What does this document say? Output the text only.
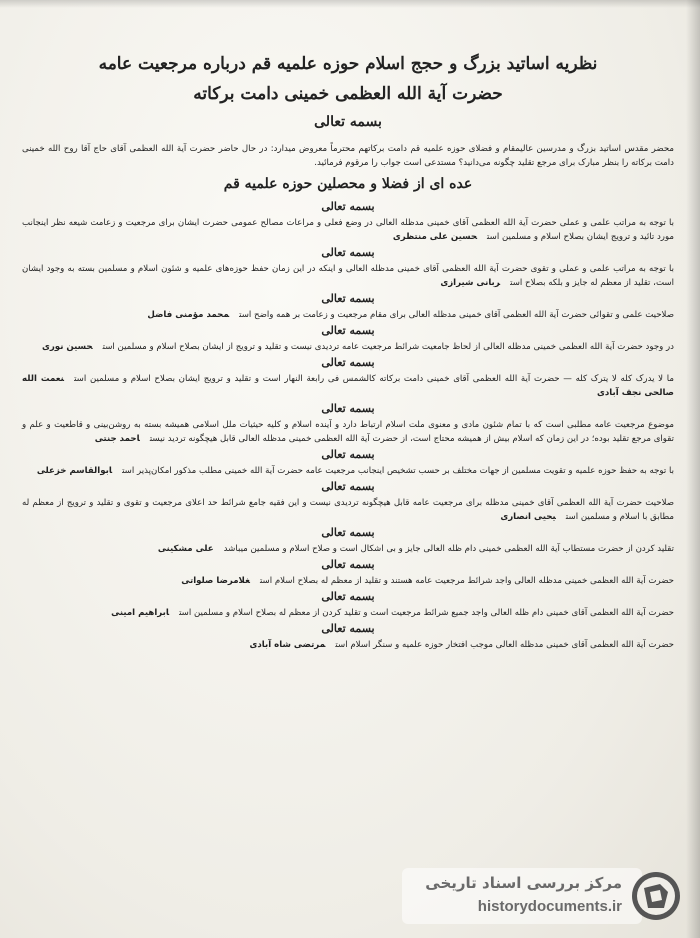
نظریه اساتید بزرگ و حجج اسلام حوزه علمیه قم درباره مرجعیت عامه
حضرت آیة الله العظمی خمینی دامت برکاته
بسمه تعالی
محضر مقدس اساتید بزرگ و مدرسین عالیمقام و فضلای حوزه علمیه قم دامت برکاتهم محترماً معروض میدارد: در حال حاضر حضرت آیة الله العظمی آقای حاج آقا روح الله خمینی دامت برکاته را بنظر مبارک برای مرجع تقلید چگونه می‌دانید؟ مستدعی است جواب را مرقوم فرمائید.
عده ای از فضلا و محصلین حوزه علمیه قم
بسمه تعالی
با توجه به مراتب علمی و عملی حضرت آیة الله العظمی آقای خمینی مدظله العالی در وضع فعلی و مراعات مصالح عمومی حضرت ایشان برای مرجعیت و زعامت شیعه نظر اینجانب مورد تائید و ترویج ایشان بصلاح اسلام و مسلمین استحسین علی منتظری
بسمه تعالی
با توجه به مراتب علمی و عملی و تقوی حضرت آیة الله العظمی آقای خمینی مدظله العالی و اینکه در این زمان حفظ حوزه‌های علمیه و شئون اسلام و مسلمین بسته به وجود ایشان است، تقلید از معظم له جایز و بلکه بصلاح استربانی شیرازی
بسمه تعالی
صلاحیت علمی و تقوائی حضرت آیة الله العظمی آقای خمینی مدظله العالی برای مقام مرجعیت و زعامت بر همه واضح استمحمد مؤمنی فاضل
بسمه تعالی
در وجود حضرت آیة الله العظمی خمینی مدظله العالی از لحاظ جامعیت شرائط مرجعیت عامه تردیدی نیست و تقلید و ترویج از ایشان بصلاح اسلام و مسلمین استحسین نوری
بسمه تعالی
ما لا یدرک کله لا یترک کله — حضرت آیة الله العظمی آقای خمینی دامت برکاته کالشمس فی رابعة النهار است و تقلید و ترویج ایشان بصلاح اسلام و مسلمین استنعمت الله صالحی نجف آبادی
بسمه تعالی
موضوع مرجعیت عامه مطلبی است که با تمام شئون مادی و معنوی ملت اسلام ارتباط دارد و آینده اسلام و کلیه حیثیات ملل اسلامی همیشه بسته به روشن‌بینی و قاطعیت و علم و تقوای مرجع تقلید بوده؛ در این زمان که اسلام بیش از همیشه محتاج است، از حضرت آیة الله العظمی خمینی مدظله العالی قابل هیچگونه تردید نیستاحمد جنتی
بسمه تعالی
با توجه به حفظ حوزه علمیه و تقویت مسلمین از جهات مختلف بر حسب تشخیص اینجانب مرجعیت عامه حضرت آیة الله خمینی مطلب مذکور امکان‌پذیر استابوالقاسم خزعلی
بسمه تعالی
صلاحیت حضرت آیة الله العظمی آقای خمینی مدظله برای مرجعیت عامه قابل هیچگونه تردیدی نیست و این فقیه جامع شرائط حد اعلای مرجعیت و تقوی و تقلید و ترویج از معظم له مطابق با اسلام و مسلمین استیحیی انصاری
بسمه تعالی
تقلید کردن از حضرت مستطاب آیة الله العظمی خمینی دام ظله العالی جایز و بی اشکال است و صلاح اسلام و مسلمین میباشدعلی مشکینی
بسمه تعالی
حضرت آیة الله العظمی خمینی مدظله العالی واجد شرائط مرجعیت عامه هستند و تقلید از معظم له بصلاح اسلام استغلامرضا صلواتی
بسمه تعالی
حضرت آیة الله العظمی آقای خمینی دام ظله العالی واجد جمیع شرائط مرجعیت است و تقلید کردن از معظم له بصلاح اسلام و مسلمین استابراهیم امینی
بسمه تعالی
حضرت آیة الله العظمی آقای خمینی مدظله العالی موجب افتخار حوزه علمیه و سنگر اسلام استمرتضی شاه آبادی
مرکز بررسی اسناد تاریخی
historydocuments.ir
